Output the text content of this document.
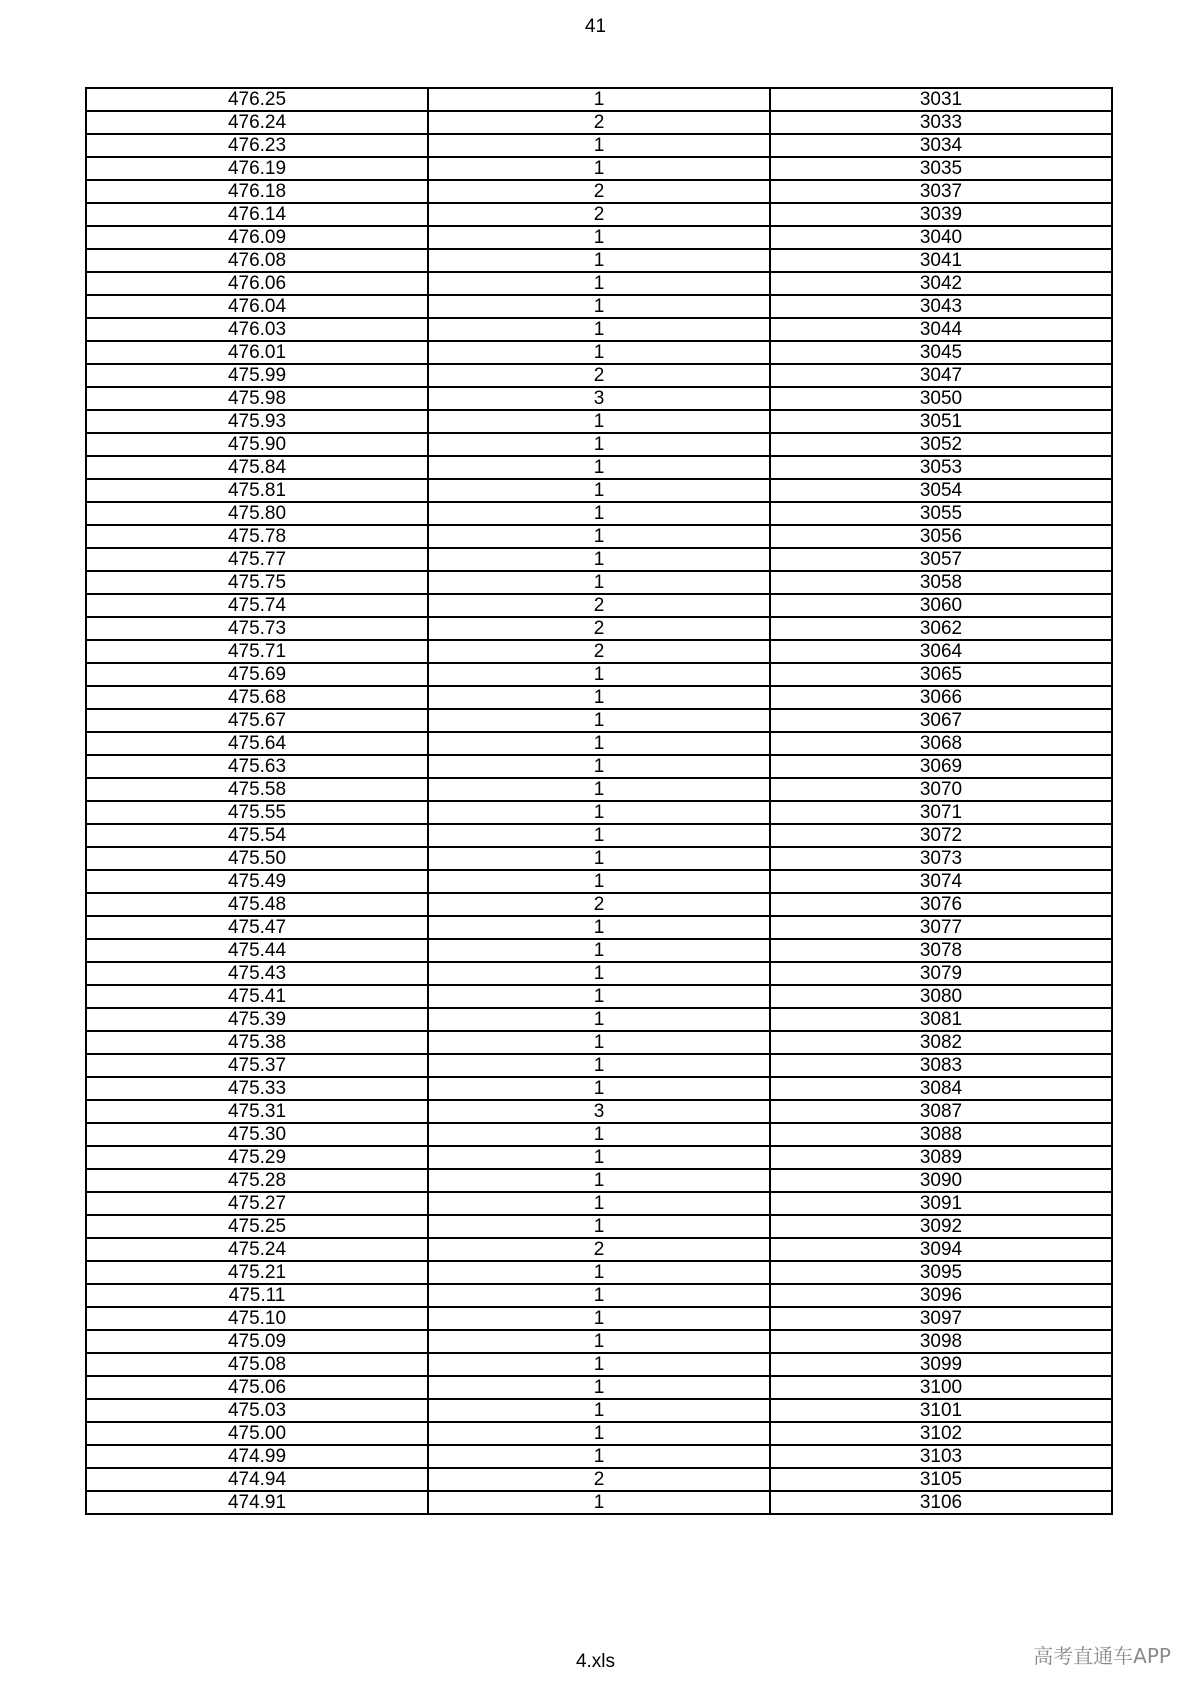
41
476.25	1	3031
476.24	2	3033
476.23	1	3034
476.19	1	3035
476.18	2	3037
476.14	2	3039
476.09	1	3040
476.08	1	3041
476.06	1	3042
476.04	1	3043
476.03	1	3044
476.01	1	3045
475.99	2	3047
475.98	3	3050
475.93	1	3051
475.90	1	3052
475.84	1	3053
475.81	1	3054
475.80	1	3055
475.78	1	3056
475.77	1	3057
475.75	1	3058
475.74	2	3060
475.73	2	3062
475.71	2	3064
475.69	1	3065
475.68	1	3066
475.67	1	3067
475.64	1	3068
475.63	1	3069
475.58	1	3070
475.55	1	3071
475.54	1	3072
475.50	1	3073
475.49	1	3074
475.48	2	3076
475.47	1	3077
475.44	1	3078
475.43	1	3079
475.41	1	3080
475.39	1	3081
475.38	1	3082
475.37	1	3083
475.33	1	3084
475.31	3	3087
475.30	1	3088
475.29	1	3089
475.28	1	3090
475.27	1	3091
475.25	1	3092
475.24	2	3094
475.21	1	3095
475.11	1	3096
475.10	1	3097
475.09	1	3098
475.08	1	3099
475.06	1	3100
475.03	1	3101
475.00	1	3102
474.99	1	3103
474.94	2	3105
474.91	1	3106
4.xls	高考直通车APP
